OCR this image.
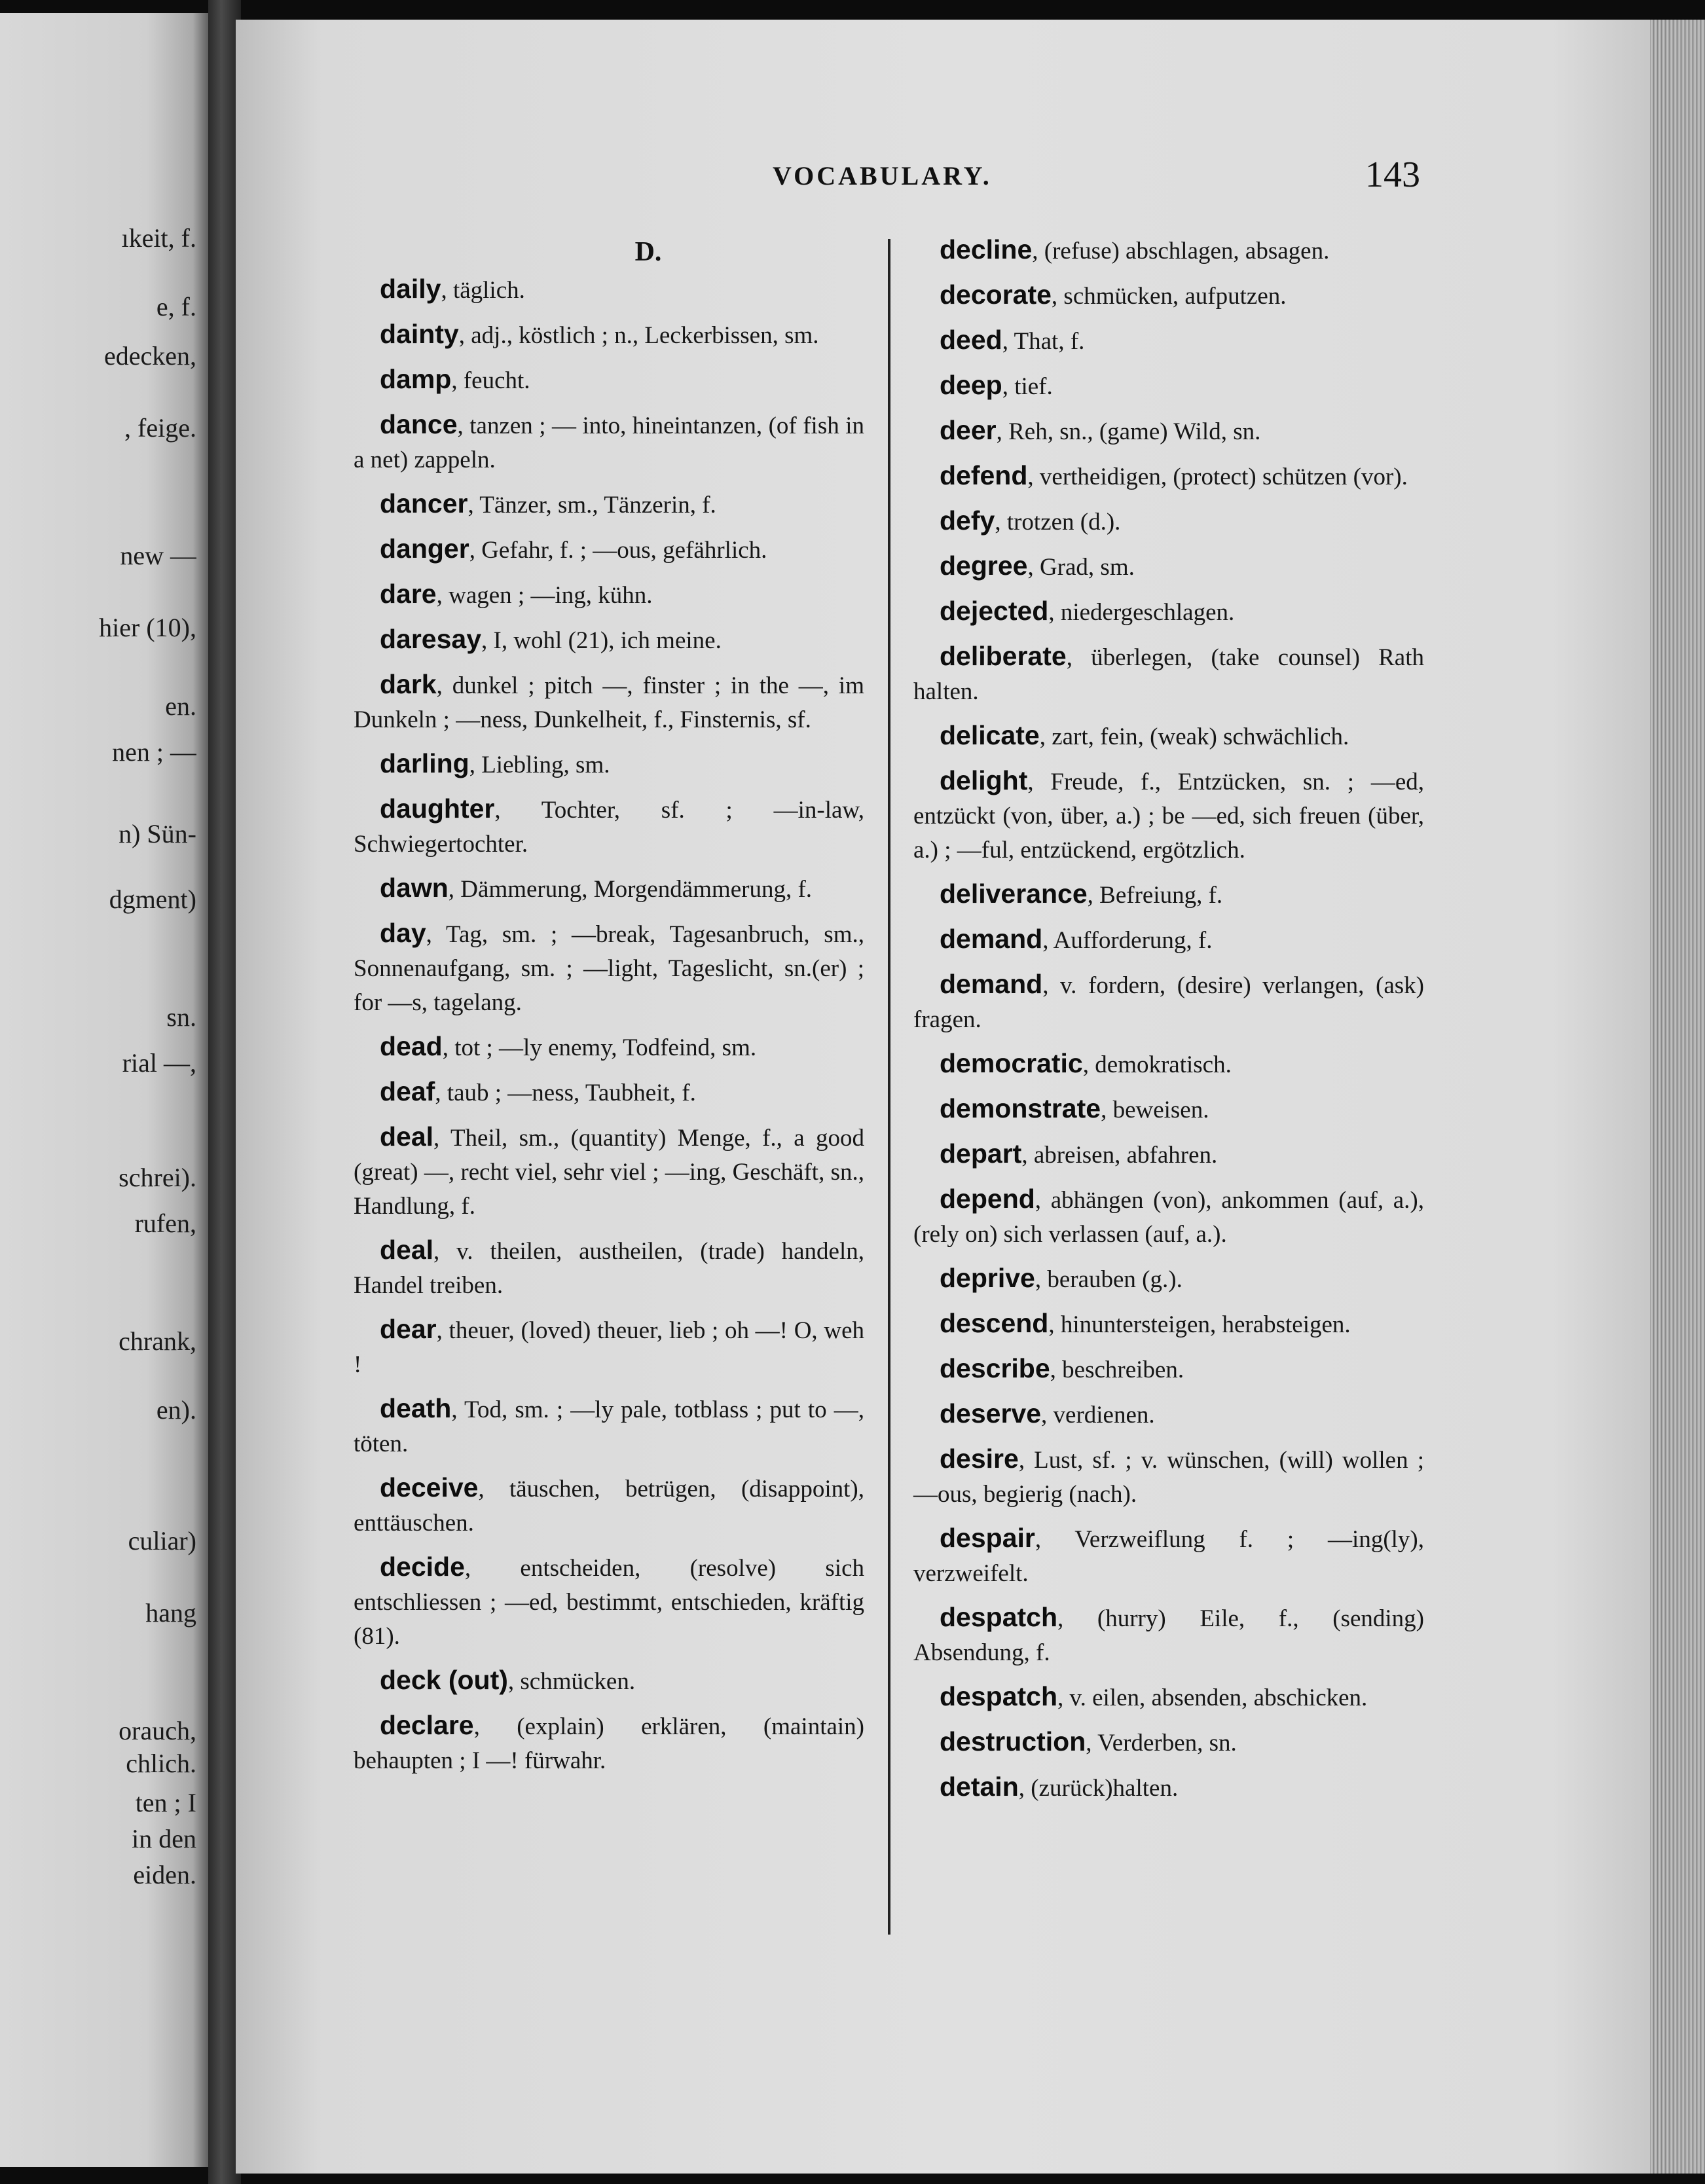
ıkeit, f.
e, f.
edecken,
, feige.
new —
hier (10),
en.
nen ; —
n) Sün-
dgment)
sn.
rial —,
schrei).
rufen,
chrank,
en).
culiar)
hang
orauch,
chlich.
ten ; I
in den
eiden.
VOCABULARY.	143
D.
daily, täglich.
dainty, adj., köstlich ; n., Leckerbissen, sm.
damp, feucht.
dance, tanzen ; — into, hineintanzen, (of fish in a net) zappeln.
dancer, Tänzer, sm., Tänzerin, f.
danger, Gefahr, f. ; —ous, gefährlich.
dare, wagen ; —ing, kühn.
daresay, I, wohl (21), ich meine.
dark, dunkel ; pitch —, finster ; in the —, im Dunkeln ; —ness, Dunkelheit, f., Finsternis, sf.
darling, Liebling, sm.
daughter, Tochter, sf. ; —in-law, Schwiegertochter.
dawn, Dämmerung, Morgendämmerung, f.
day, Tag, sm. ; —break, Tagesanbruch, sm., Sonnenaufgang, sm. ; —light, Tageslicht, sn.(er) ; for —s, tagelang.
dead, tot ; —ly enemy, Todfeind, sm.
deaf, taub ; —ness, Taubheit, f.
deal, Theil, sm., (quantity) Menge, f., a good (great) —, recht viel, sehr viel ; —ing, Geschäft, sn., Handlung, f.
deal, v. theilen, austheilen, (trade) handeln, Handel treiben.
dear, theuer, (loved) theuer, lieb ; oh —! O, weh !
death, Tod, sm. ; —ly pale, totblass ; put to —, töten.
deceive, täuschen, betrügen, (disappoint), enttäuschen.
decide, entscheiden, (resolve) sich entschliessen ; —ed, bestimmt, entschieden, kräftig (81).
deck (out), schmücken.
declare, (explain) erklären, (maintain) behaupten ; I —! fürwahr.
decline, (refuse) abschlagen, absagen.
decorate, schmücken, aufputzen.
deed, That, f.
deep, tief.
deer, Reh, sn., (game) Wild, sn.
defend, vertheidigen, (protect) schützen (vor).
defy, trotzen (d.).
degree, Grad, sm.
dejected, niedergeschlagen.
deliberate, überlegen, (take counsel) Rath halten.
delicate, zart, fein, (weak) schwächlich.
delight, Freude, f., Entzücken, sn. ; —ed, entzückt (von, über, a.) ; be —ed, sich freuen (über, a.) ; —ful, entzückend, ergötzlich.
deliverance, Befreiung, f.
demand, Aufforderung, f.
demand, v. fordern, (desire) verlangen, (ask) fragen.
democratic, demokratisch.
demonstrate, beweisen.
depart, abreisen, abfahren.
depend, abhängen (von), ankommen (auf, a.), (rely on) sich verlassen (auf, a.).
deprive, berauben (g.).
descend, hinuntersteigen, herabsteigen.
describe, beschreiben.
deserve, verdienen.
desire, Lust, sf. ; v. wünschen, (will) wollen ; —ous, begierig (nach).
despair, Verzweiflung f. ; —ing(ly), verzweifelt.
despatch, (hurry) Eile, f., (sending) Absendung, f.
despatch, v. eilen, absenden, abschicken.
destruction, Verderben, sn.
detain, (zurück)halten.
